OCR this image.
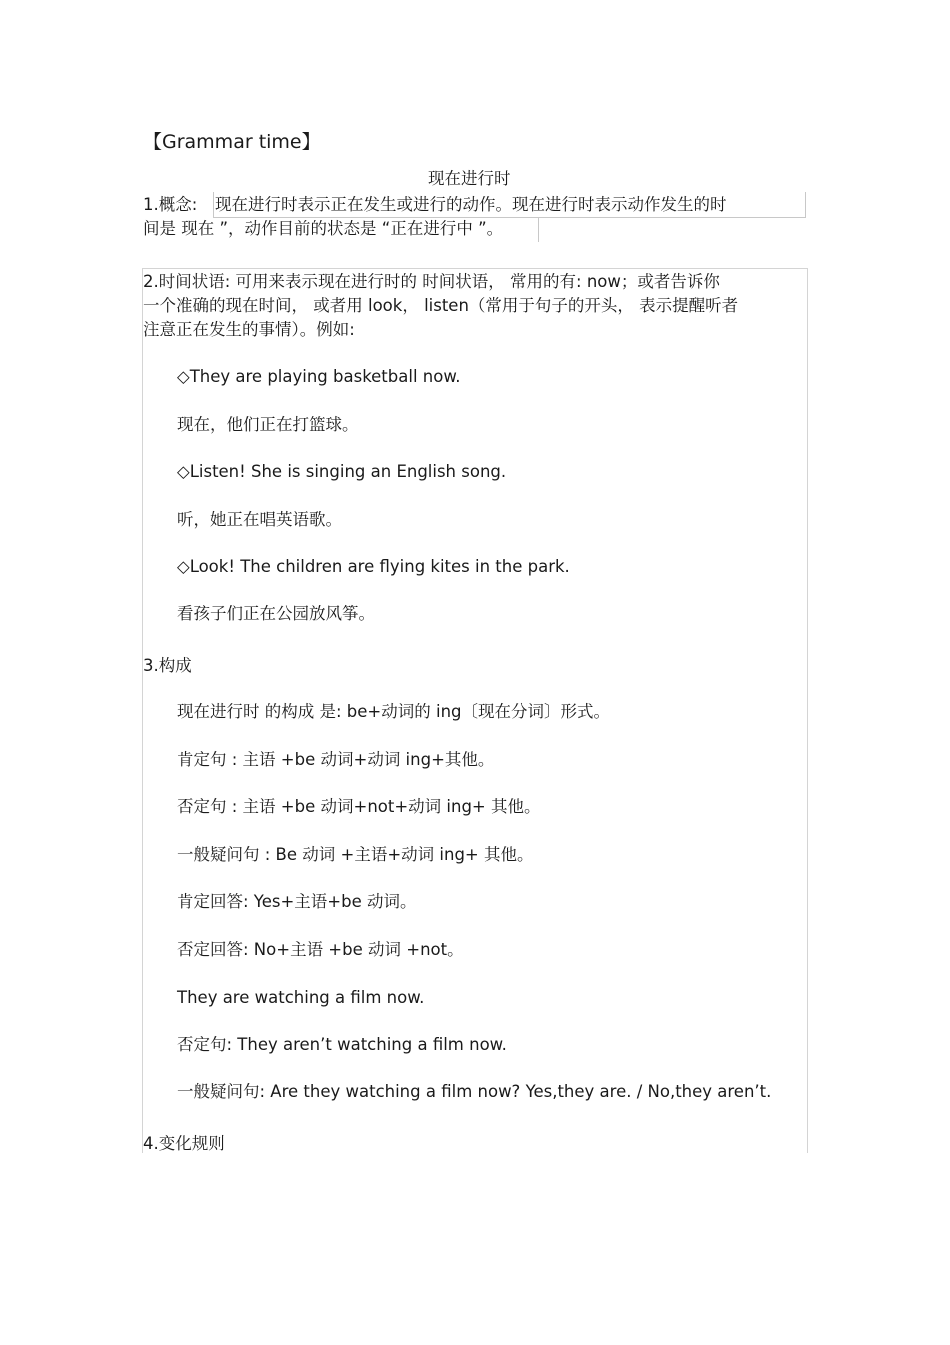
【Grammar time】
现在进行时
1.概念: 现在进行时表示正在发生或进行的动作。现在进行时表示动作发生的时
间是 现在 ”，动作目前的状态是 “正在进行中 ”。
2.时间状语: 可用来表示现在进行时的 时间状语， 常用的有: now；或者告诉你
一个准确的现在时间， 或者用 look， listen（常用于句子的开头， 表示提醒听者
注意正在发生的事情）。例如:
◇They are playing basketball now.
现在，他们正在打篮球。
◇Listen! She is singing an English song.
听，她正在唱英语歌。
◇Look! The children are flying kites in the park.
看孩子们正在公园放风筝。
3.构成
现在进行时 的构成 是: be+动词的 ing〔现在分词〕形式。
肯定句 : 主语 +be 动词+动词 ing+其他。
否定句 : 主语 +be 动词+not+动词 ing+ 其他。
一般疑问句 : Be 动词 +主语+动词 ing+ 其他。
肯定回答: Yes+主语+be 动词。
否定回答: No+主语 +be 动词 +not。
They are watching a film now.
否定句: They aren’t watching a film now.
一般疑问句: Are they watching a film now? Yes,they are. / No,they aren’t.
4.变化规则
